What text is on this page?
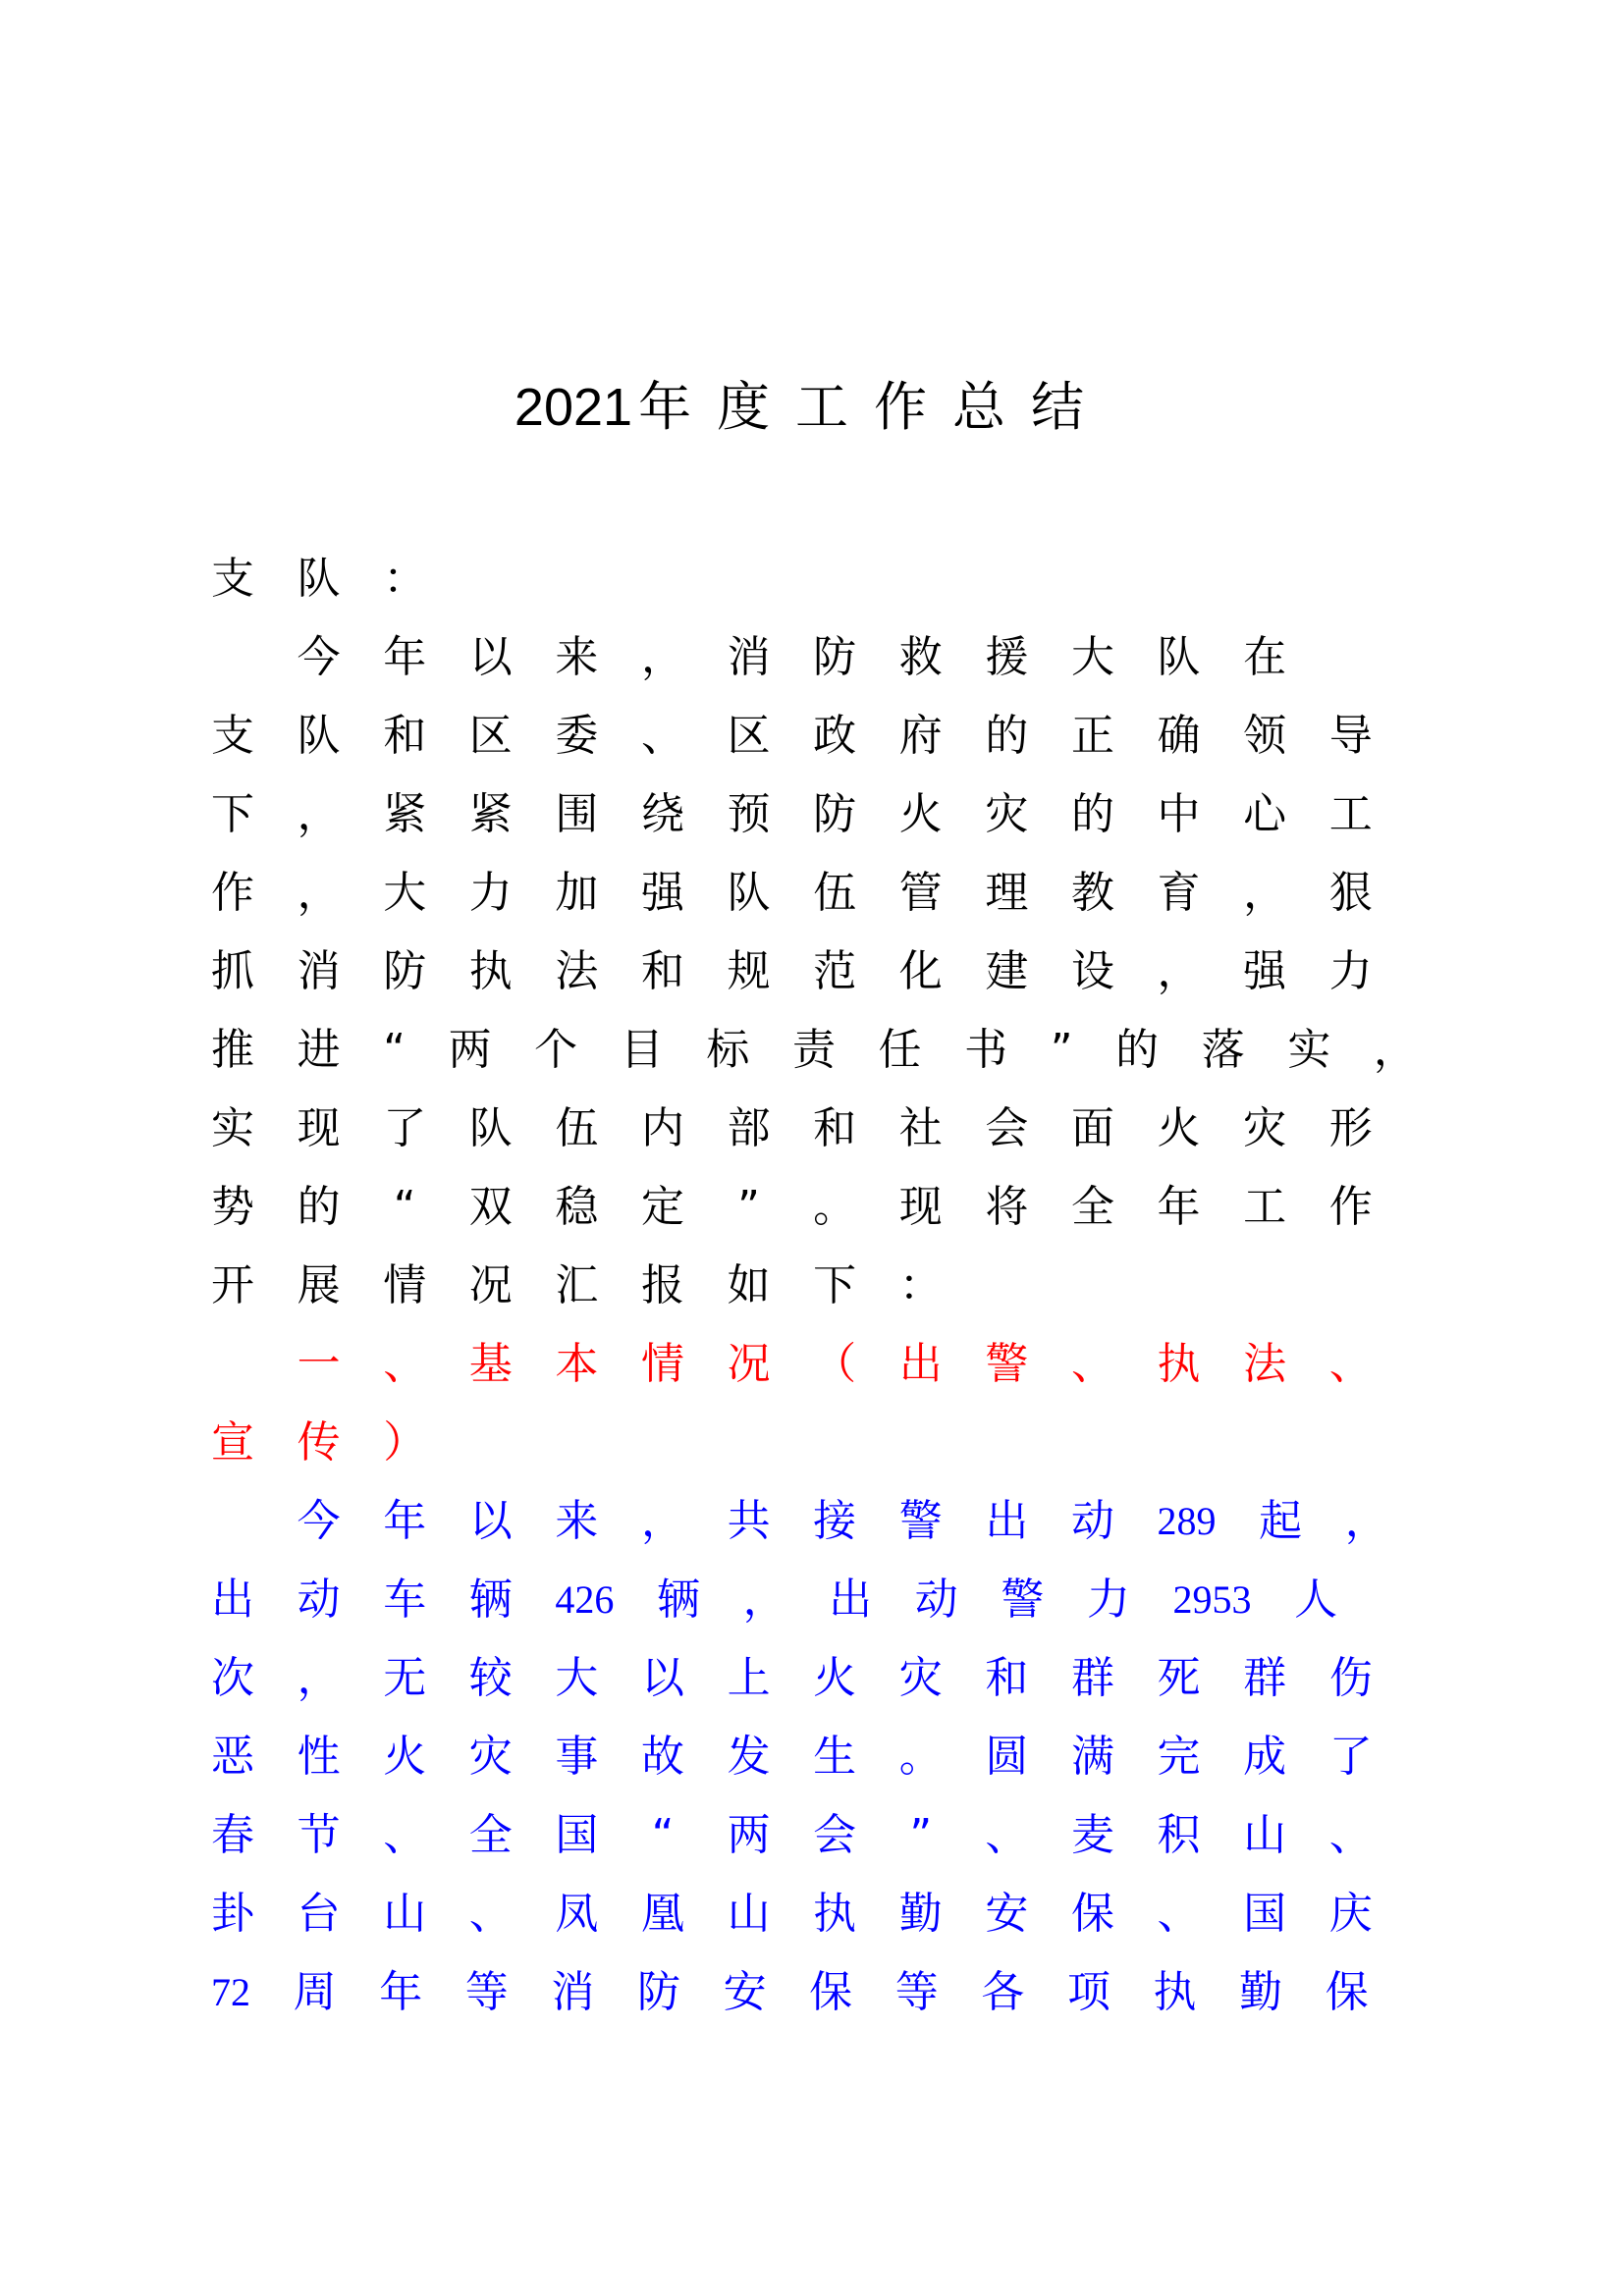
2021 年度工作总结
支 队 ：

今 年 以 来 ， 消 防 救 援 大 队 在
支 队 和 区 委 、 区 政 府 的 正 确 领 导
下 ， 紧 紧 围 绕 预 防 火 灾 的 中 心 工
作 ， 大 力 加 强 队 伍 管 理 教 育 ， 狠
抓 消 防 执 法 和 规 范 化 建 设 ， 强 力
推 进 “ 两 个 目 标 责 任 书 ” 的 落 实 ，
实 现 了 队 伍 内 部 和 社 会 面 火 灾 形
势 的 “ 双 稳 定 ” 。 现 将 全 年 工 作
开 展 情 况 汇 报 如 下 ：

一 、 基 本 情 况 （ 出 警 、 执 法 、
宣 传 ）

今 年 以 来 ， 共 接 警 出 动 289 起 ，
出 动 车 辆 426 辆 ， 出 动 警 力 2953 人
次 ， 无 较 大 以 上 火 灾 和 群 死 群 伤
恶 性 火 灾 事 故 发 生 。 圆 满 完 成 了
春 节 、 全 国 “ 两 会 ” 、 麦 积 山 、
卦 台 山 、 凤 凰 山 执 勤 安 保 、 国 庆
72 周 年 等 消 防 安 保 等 各 项 执 勤 保
